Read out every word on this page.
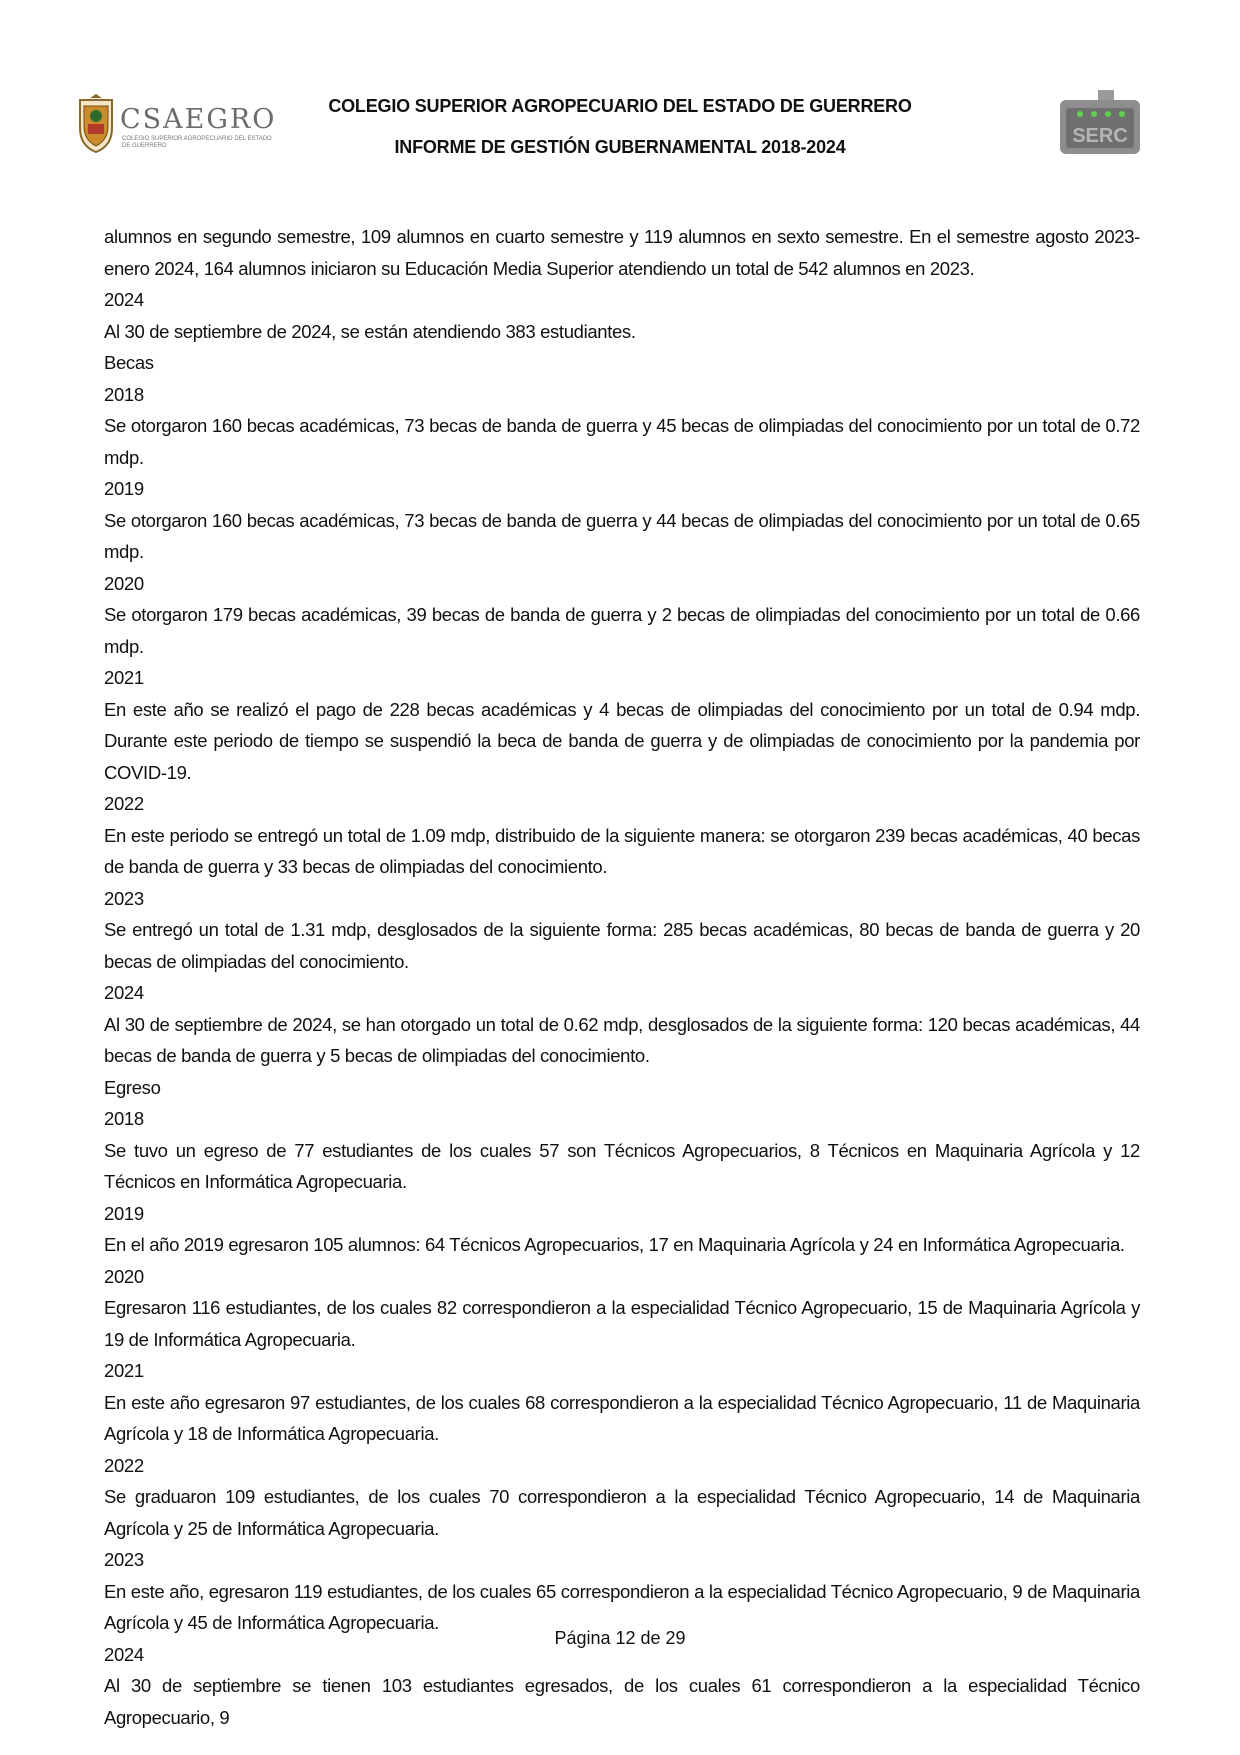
CSAEGRO
COLEGIO SUPERIOR AGROPECUARIO DEL ESTADO DE GUERRERO
COLEGIO SUPERIOR AGROPECUARIO DEL ESTADO DE GUERRERO
INFORME DE GESTIÓN GUBERNAMENTAL 2018-2024	SERC

alumnos en segundo semestre, 109 alumnos en cuarto semestre y 119 alumnos en sexto semestre. En el semestre agosto 2023-enero 2024, 164 alumnos iniciaron su Educación Media Superior atendiendo un total de 542 alumnos en 2023.

2024

Al 30 de septiembre de 2024, se están atendiendo 383 estudiantes.

Becas

2018

Se otorgaron 160 becas académicas, 73 becas de banda de guerra y 45 becas de olimpiadas del conocimiento por un total de 0.72 mdp.

2019

Se otorgaron 160 becas académicas, 73 becas de banda de guerra y 44 becas de olimpiadas del conocimiento por un total de 0.65 mdp.

2020

Se otorgaron 179 becas académicas, 39 becas de banda de guerra y 2 becas de olimpiadas del conocimiento por un total de 0.66 mdp.

2021

En este año se realizó el pago de 228 becas académicas y 4 becas de olimpiadas del conocimiento por un total de 0.94 mdp. Durante este periodo de tiempo se suspendió la beca de banda de guerra y de olimpiadas de conocimiento por la pandemia por COVID-19.

2022

En este periodo se entregó un total de 1.09 mdp, distribuido de la siguiente manera: se otorgaron 239 becas académicas, 40 becas de banda de guerra y 33 becas de olimpiadas del conocimiento.

2023

Se entregó un total de 1.31 mdp, desglosados de la siguiente forma: 285 becas académicas, 80 becas de banda de guerra y 20 becas de olimpiadas del conocimiento.

2024

Al 30 de septiembre de 2024, se han otorgado un total de 0.62 mdp, desglosados de la siguiente forma: 120 becas académicas, 44 becas de banda de guerra y 5 becas de olimpiadas del conocimiento.

Egreso

2018

Se tuvo un egreso de 77 estudiantes de los cuales 57 son Técnicos Agropecuarios, 8 Técnicos en Maquinaria Agrícola y 12 Técnicos en Informática Agropecuaria.

2019

En el año 2019 egresaron 105 alumnos: 64 Técnicos Agropecuarios, 17 en Maquinaria Agrícola y 24 en Informática Agropecuaria.

2020

Egresaron 116 estudiantes, de los cuales 82 correspondieron a la especialidad Técnico Agropecuario, 15 de Maquinaria Agrícola y 19 de Informática Agropecuaria.

2021

En este año egresaron 97 estudiantes, de los cuales 68 correspondieron a la especialidad Técnico Agropecuario, 11 de Maquinaria Agrícola y 18 de Informática Agropecuaria.

2022

Se graduaron 109 estudiantes, de los cuales 70 correspondieron a la especialidad Técnico Agropecuario, 14 de Maquinaria Agrícola y 25 de Informática Agropecuaria.

2023

En este año, egresaron 119 estudiantes, de los cuales 65 correspondieron a la especialidad Técnico Agropecuario, 9 de Maquinaria Agrícola y 45 de Informática Agropecuaria.

2024

Al 30 de septiembre se tienen 103 estudiantes egresados, de los cuales 61 correspondieron a la especialidad Técnico Agropecuario, 9

Página 12 de 29
